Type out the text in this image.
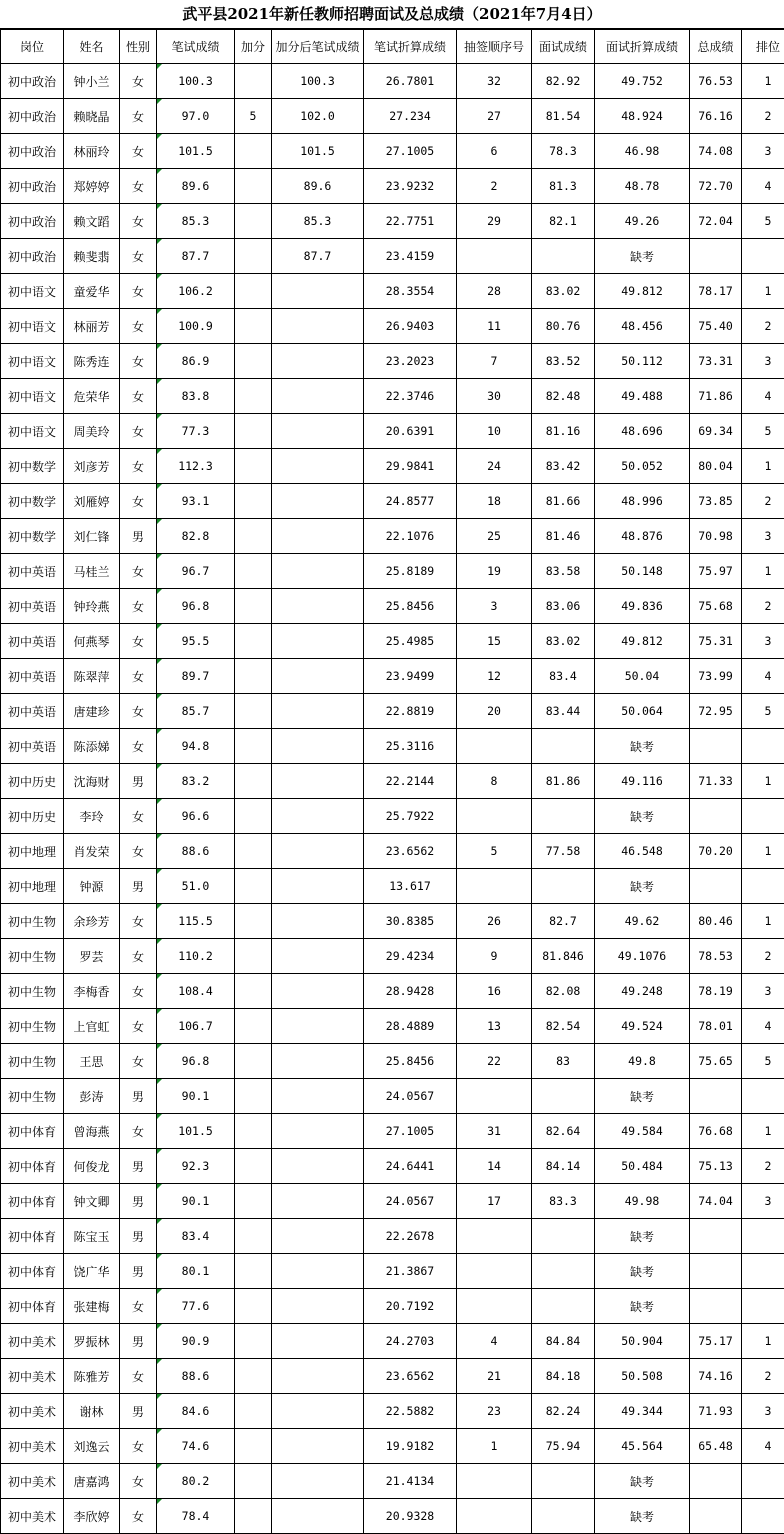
武平县2021年新任教师招聘面试及总成绩（2021年7月4日）
岗位	姓名	性别	笔试成绩	加分	加分后笔试成绩	笔试折算成绩	抽签顺序号	面试成绩	面试折算成绩	总成绩	排位
初中政治	钟小兰	女	100.3		100.3	26.7801	32	82.92	49.752	76.53	1
初中政治	赖晓晶	女	97.0	5	102.0	27.234	27	81.54	48.924	76.16	2
初中政治	林丽玲	女	101.5		101.5	27.1005	6	78.3	46.98	74.08	3
初中政治	郑婷婷	女	89.6		89.6	23.9232	2	81.3	48.78	72.70	4
初中政治	赖文蹈	女	85.3		85.3	22.7751	29	82.1	49.26	72.04	5
初中政治	赖斐翡	女	87.7		87.7	23.4159			缺考		
初中语文	童爱华	女	106.2			28.3554	28	83.02	49.812	78.17	1
初中语文	林丽芳	女	100.9			26.9403	11	80.76	48.456	75.40	2
初中语文	陈秀连	女	86.9			23.2023	7	83.52	50.112	73.31	3
初中语文	危荣华	女	83.8			22.3746	30	82.48	49.488	71.86	4
初中语文	周美玲	女	77.3			20.6391	10	81.16	48.696	69.34	5
初中数学	刘彦芳	女	112.3			29.9841	24	83.42	50.052	80.04	1
初中数学	刘雁婷	女	93.1			24.8577	18	81.66	48.996	73.85	2
初中数学	刘仁锋	男	82.8			22.1076	25	81.46	48.876	70.98	3
初中英语	马桂兰	女	96.7			25.8189	19	83.58	50.148	75.97	1
初中英语	钟玲燕	女	96.8			25.8456	3	83.06	49.836	75.68	2
初中英语	何燕琴	女	95.5			25.4985	15	83.02	49.812	75.31	3
初中英语	陈翠萍	女	89.7			23.9499	12	83.4	50.04	73.99	4
初中英语	唐建珍	女	85.7			22.8819	20	83.44	50.064	72.95	5
初中英语	陈添娣	女	94.8			25.3116			缺考		
初中历史	沈海财	男	83.2			22.2144	8	81.86	49.116	71.33	1
初中历史	李玲	女	96.6			25.7922			缺考		
初中地理	肖发荣	女	88.6			23.6562	5	77.58	46.548	70.20	1
初中地理	钟源	男	51.0			13.617			缺考		
初中生物	余珍芳	女	115.5			30.8385	26	82.7	49.62	80.46	1
初中生物	罗芸	女	110.2			29.4234	9	81.846	49.1076	78.53	2
初中生物	李梅香	女	108.4			28.9428	16	82.08	49.248	78.19	3
初中生物	上官虹	女	106.7			28.4889	13	82.54	49.524	78.01	4
初中生物	王思	女	96.8			25.8456	22	83	49.8	75.65	5
初中生物	彭涛	男	90.1			24.0567			缺考		
初中体育	曾海燕	女	101.5			27.1005	31	82.64	49.584	76.68	1
初中体育	何俊龙	男	92.3			24.6441	14	84.14	50.484	75.13	2
初中体育	钟文卿	男	90.1			24.0567	17	83.3	49.98	74.04	3
初中体育	陈宝玉	男	83.4			22.2678			缺考		
初中体育	饶广华	男	80.1			21.3867			缺考		
初中体育	张建梅	女	77.6			20.7192			缺考		
初中美术	罗振林	男	90.9			24.2703	4	84.84	50.904	75.17	1
初中美术	陈雅芳	女	88.6			23.6562	21	84.18	50.508	74.16	2
初中美术	谢林	男	84.6			22.5882	23	82.24	49.344	71.93	3
初中美术	刘逸云	女	74.6			19.9182	1	75.94	45.564	65.48	4
初中美术	唐嘉鸿	女	80.2			21.4134			缺考		
初中美术	李欣婷	女	78.4			20.9328			缺考		
